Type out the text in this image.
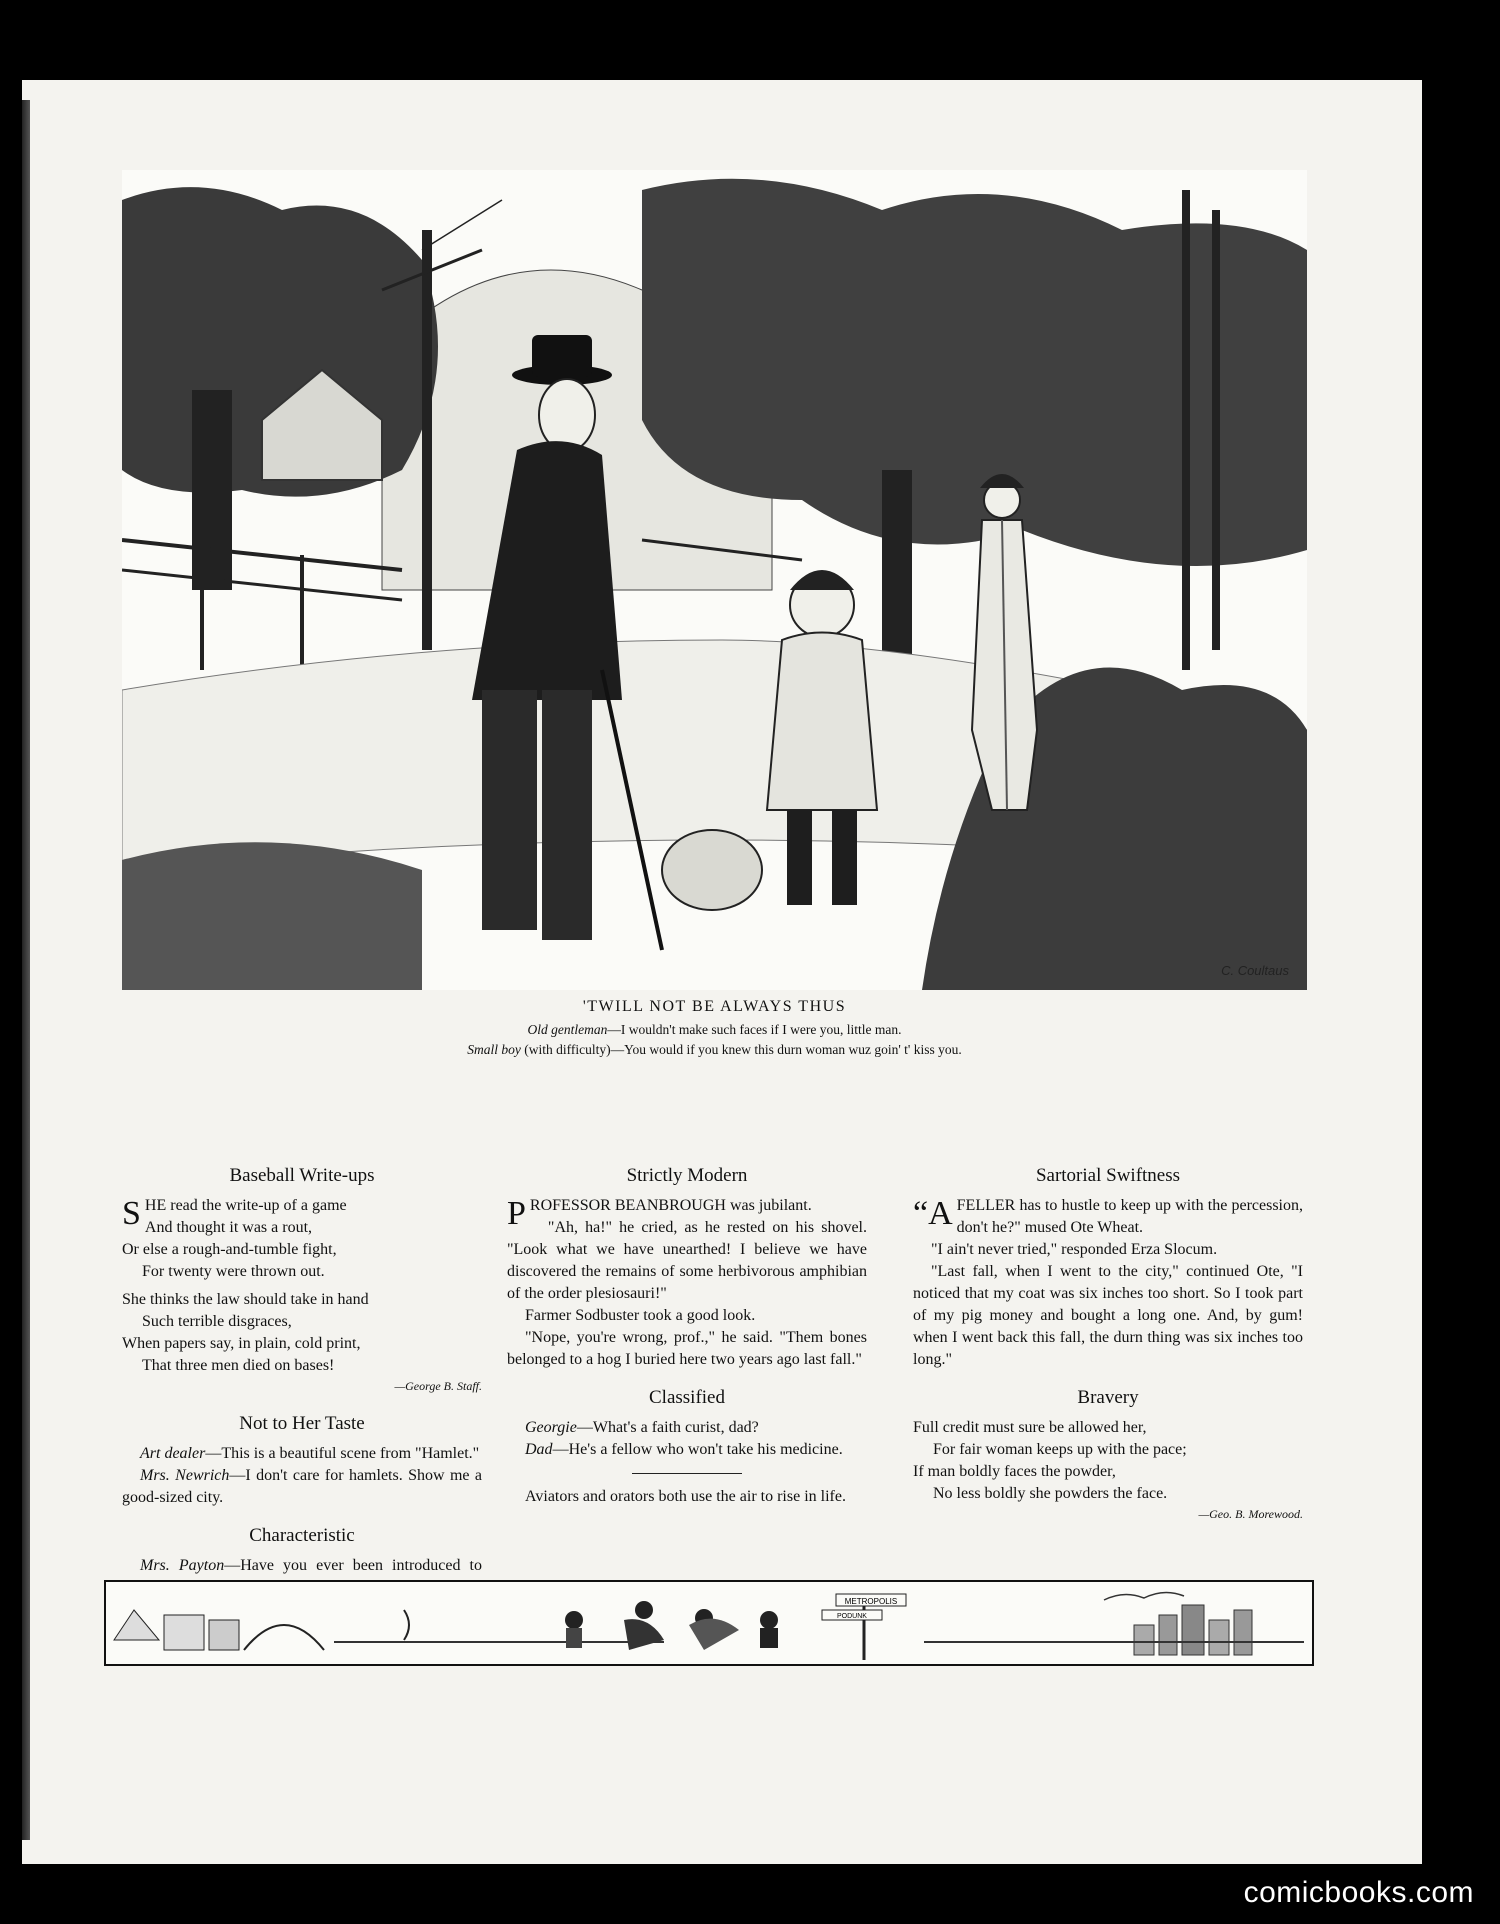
C. Coultaus
'TWILL NOT BE ALWAYS THUS
Old gentleman—I wouldn't make such faces if I were you, little man.
Small boy (with difficulty)—You would if you knew this durn woman wuz goin' t' kiss you.
Baseball Write-ups
SHE read the write-up of a game
And thought it was a rout,
Or else a rough-and-tumble fight,
For twenty were thrown out.
She thinks the law should take in hand
Such terrible disgraces,
When papers say, in plain, cold print,
That three men died on bases!
—George B. Staff.
Not to Her Taste

Art dealer—This is a beautiful scene from "Hamlet."

Mrs. Newrich—I don't care for hamlets. Show me a good-sized city.

Characteristic

Mrs. Payton—Have you ever been introduced to

Strictly Modern

PROFESSOR BEANBROUGH was jubilant.

"Ah, ha!" he cried, as he rested on his shovel. "Look what we have unearthed! I believe we have discovered the remains of some herbivorous amphibian of the order plesiosauri!"

Farmer Sodbuster took a good look.

"Nope, you're wrong, prof.," he said. "Them bones belonged to a hog I buried here two years ago last fall."

Classified

Georgie—What's a faith curist, dad?

Dad—He's a fellow who won't take his medicine.

Aviators and orators both use the air to rise in life.

Sartorial Swiftness

“A FELLER has to hustle to keep up with the percession, don't he?" mused Ote Wheat.

"I ain't never tried," responded Erza Slocum.

"Last fall, when I went to the city," continued Ote, "I noticed that my coat was six inches too short. So I took part of my pig money and bought a long one. And, by gum! when I went back this fall, the durn thing was six inches too long."

Bravery
Full credit must sure be allowed her,
For fair woman keeps up with the pace;
If man boldly faces the powder,
No less boldly she powders the face.
—Geo. B. Morewood.
METROPOLIS
PODUNK
comicbooks.com
